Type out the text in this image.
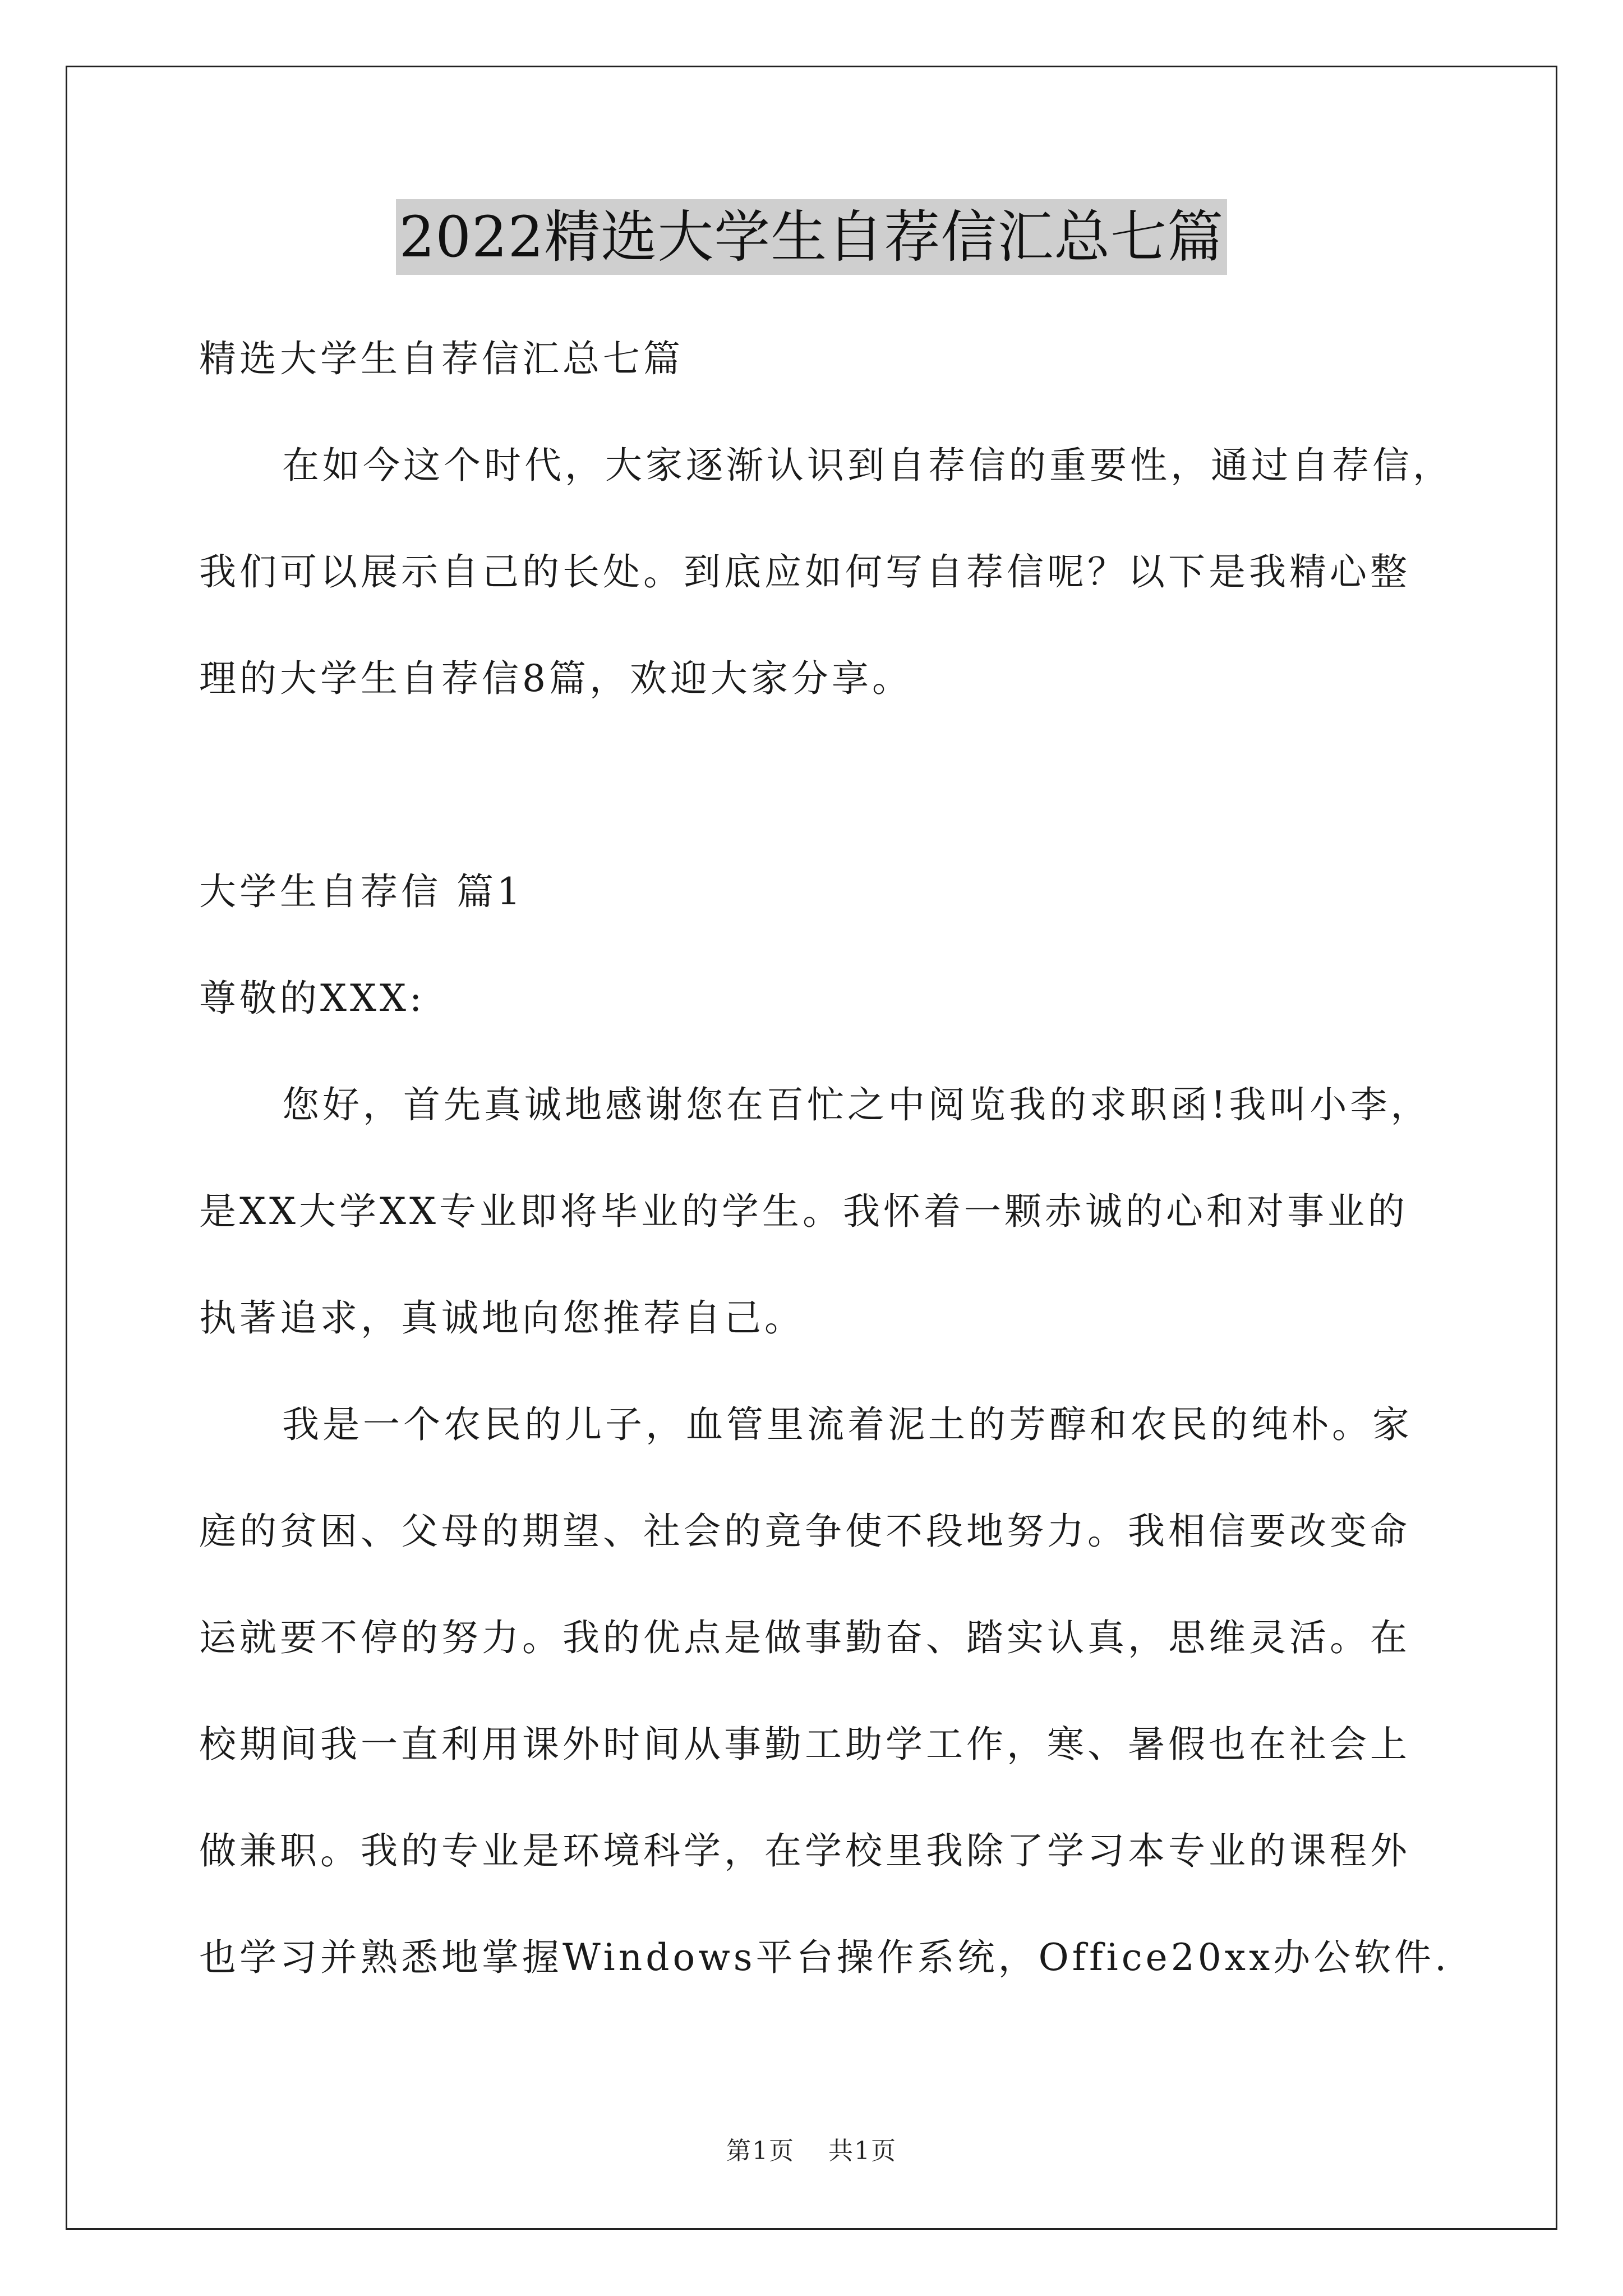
2022精选大学生自荐信汇总七篇
精选大学生自荐信汇总七篇
在如今这个时代，大家逐渐认识到自荐信的重要性，通过自荐信，
我们可以展示自己的长处。到底应如何写自荐信呢？以下是我精心整
理的大学生自荐信8篇，欢迎大家分享。
大学生自荐信 篇1
尊敬的XXX:
您好，首先真诚地感谢您在百忙之中阅览我的求职函!我叫小李，
是XX大学XX专业即将毕业的学生。我怀着一颗赤诚的心和对事业的
执著追求，真诚地向您推荐自己。
我是一个农民的儿子，血管里流着泥土的芳醇和农民的纯朴。家
庭的贫困、父母的期望、社会的竟争使不段地努力。我相信要改变命
运就要不停的努力。我的优点是做事勤奋、踏实认真，思维灵活。在
校期间我一直利用课外时间从事勤工助学工作，寒、暑假也在社会上
做兼职。我的专业是环境科学，在学校里我除了学习本专业的课程外
也学习并熟悉地掌握Windows平台操作系统，Office20xx办公软件.
第1页 共1页
